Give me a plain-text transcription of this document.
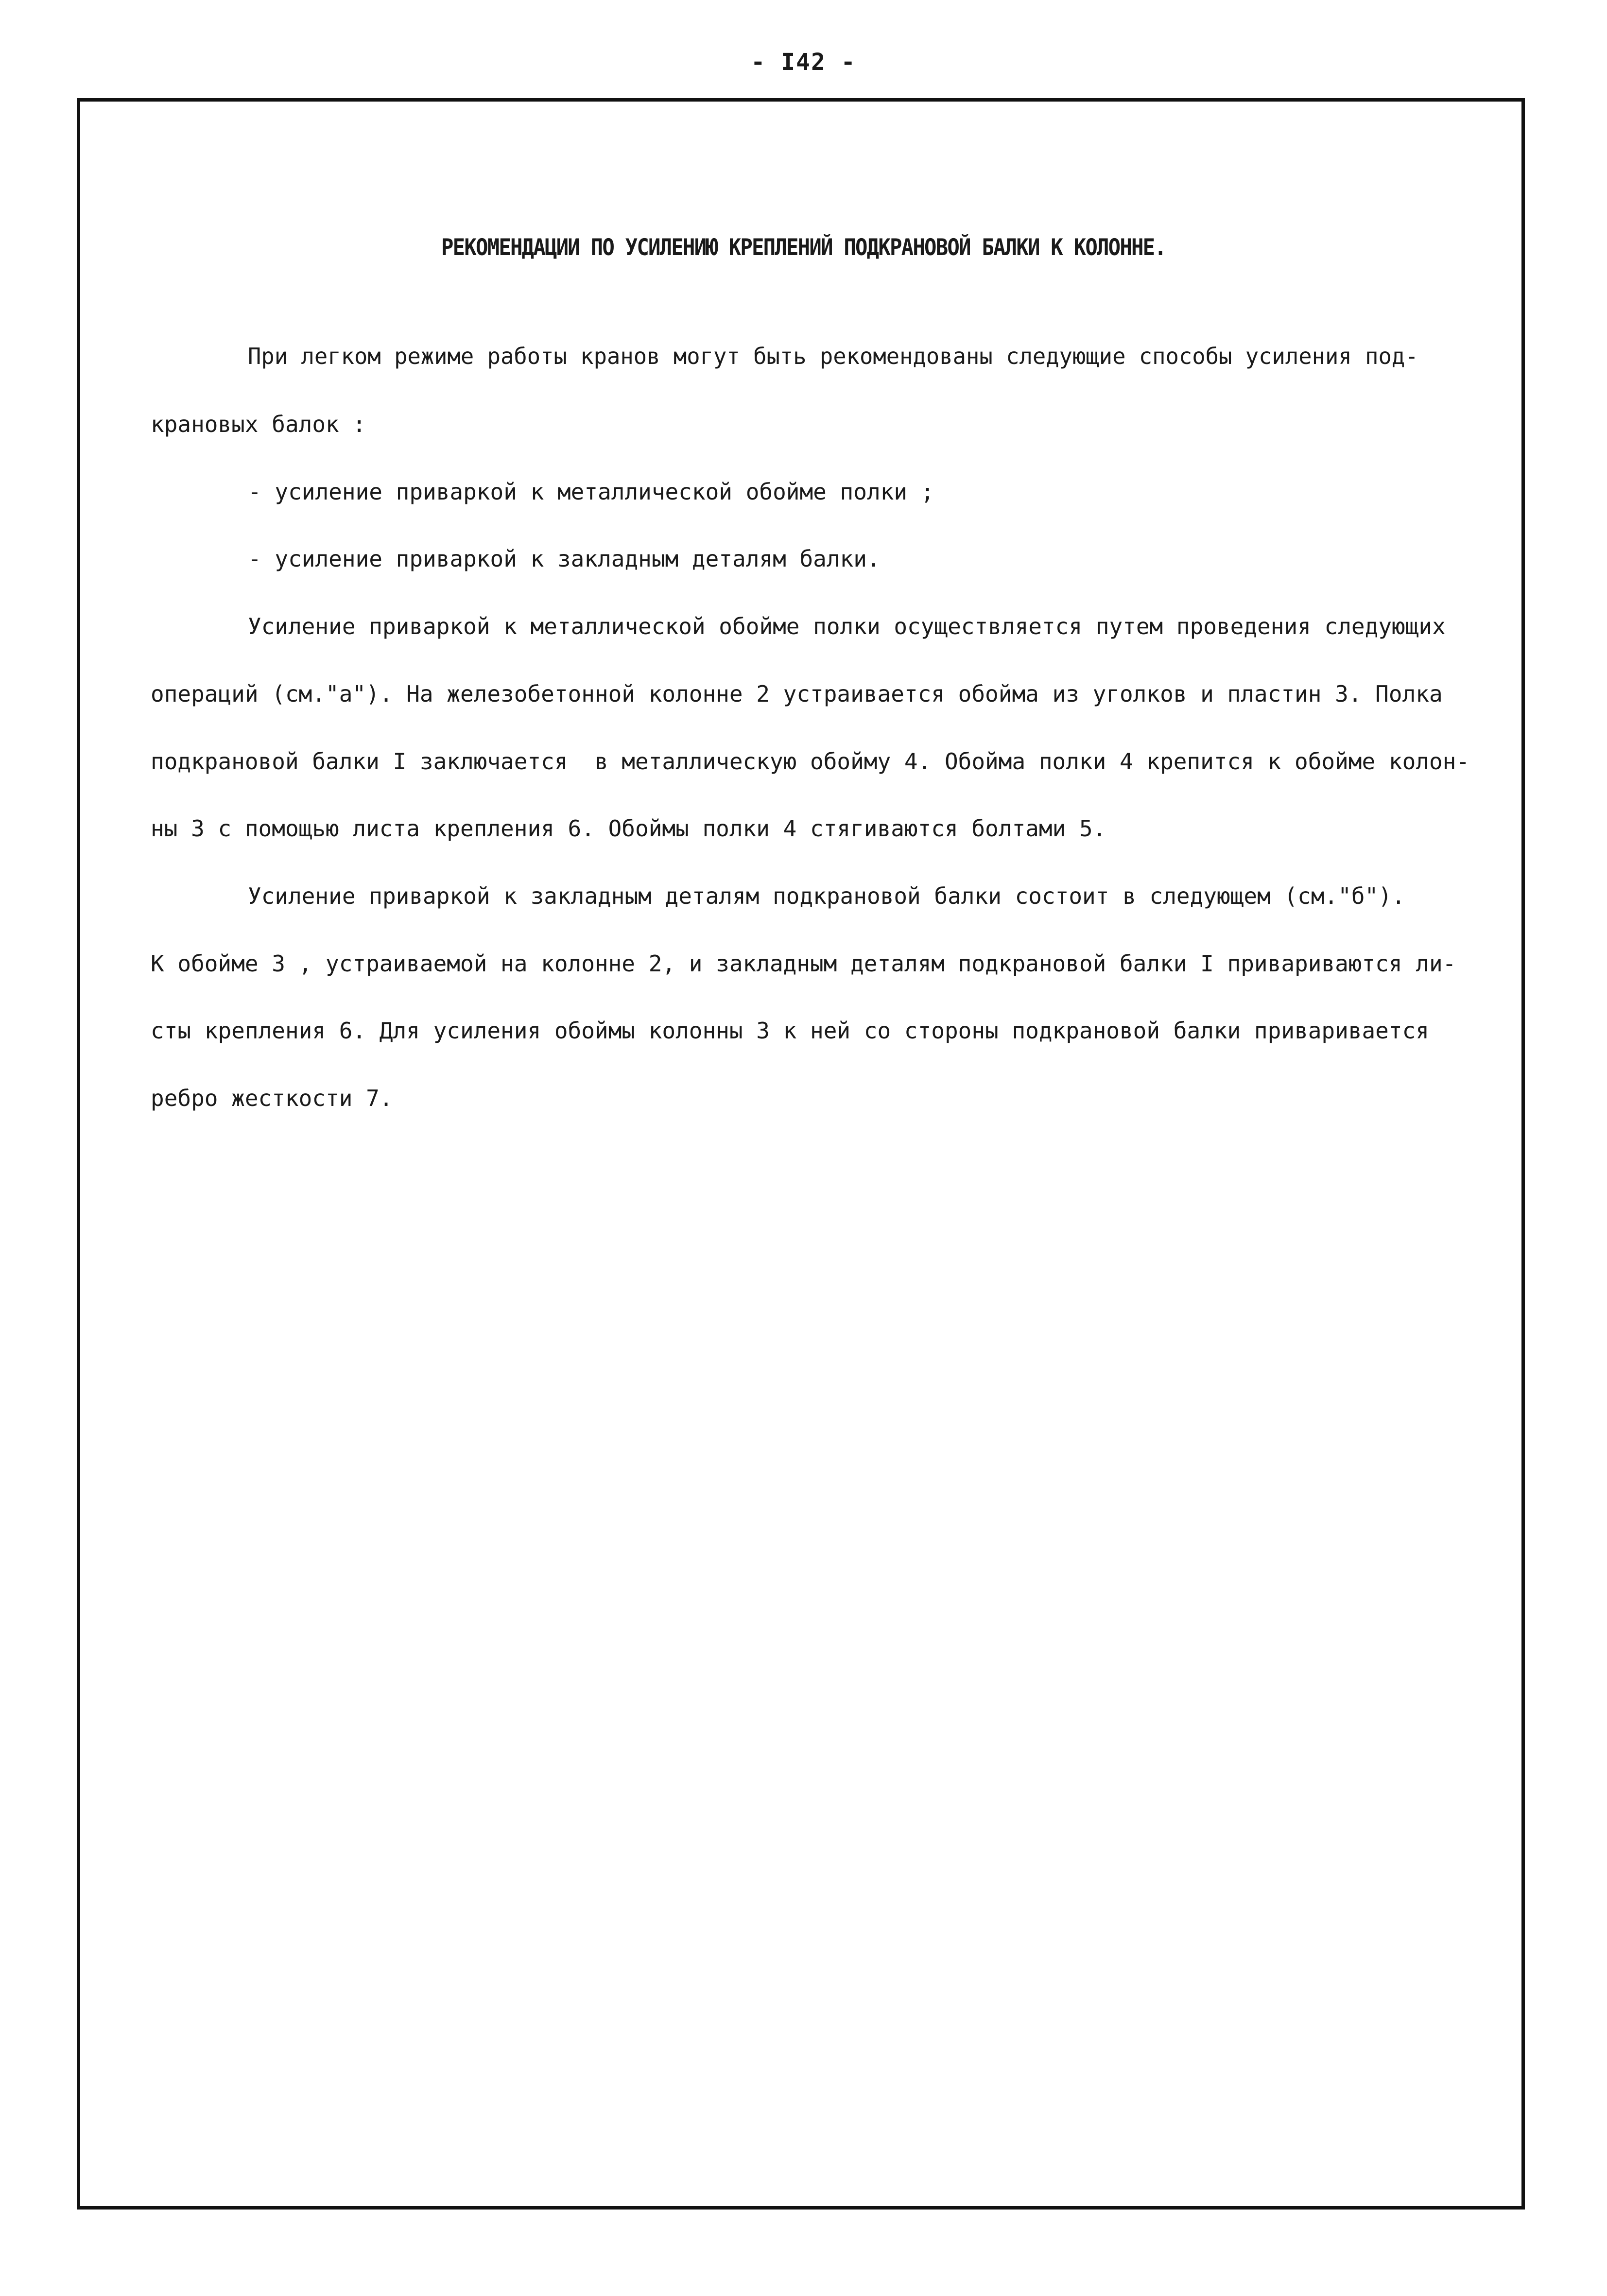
- I42 -
РЕКОМЕНДАЦИИ ПО УСИЛЕНИЮ КРЕПЛЕНИЙ ПОДКРАНОВОЙ БАЛКИ К КОЛОННЕ.
При легком режиме работы кранов могут быть рекомендованы следующие способы усиления под-
крановых балок :
- усиление приваркой к металлической обойме полки ;
- усиление приваркой к закладным деталям балки.
Усиление приваркой к металлической обойме полки осуществляется путем проведения следующих
операций (см."а"). На железобетонной колонне 2 устраивается обойма из уголков и пластин 3. Полка
подкрановой балки I заключается  в металлическую обойму 4. Обойма полки 4 крепится к обойме колон-
ны 3 с помощью листа крепления 6. Обоймы полки 4 стягиваются болтами 5.
Усиление приваркой к закладным деталям подкрановой балки состоит в следующем (см."б").
К обойме 3 , устраиваемой на колонне 2, и закладным деталям подкрановой балки I привариваются ли-
сты крепления 6. Для усиления обоймы колонны 3 к ней со стороны подкрановой балки приваривается
ребро жесткости 7.
